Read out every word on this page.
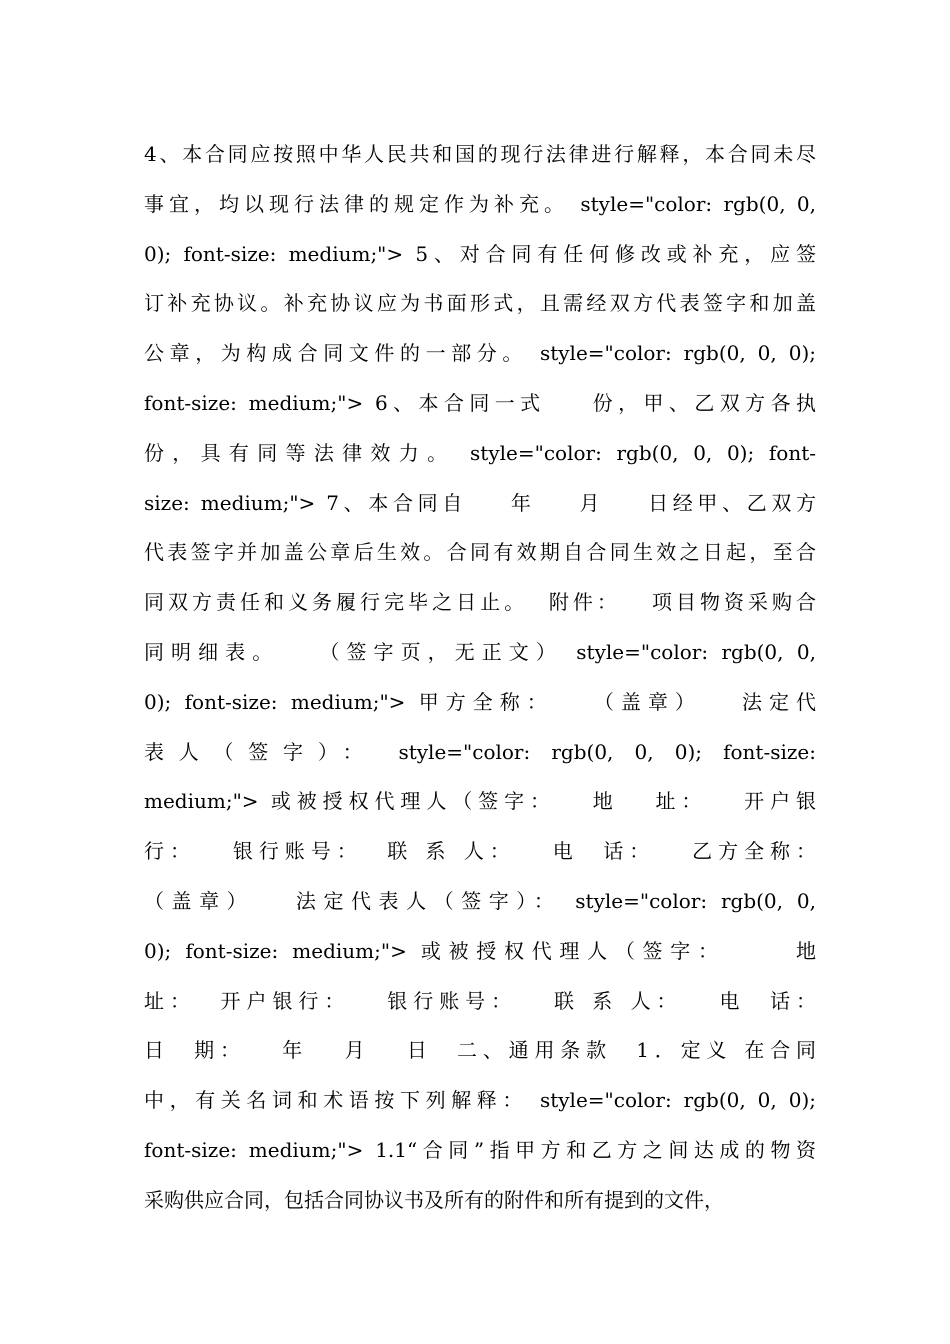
4、本合同应按照中华人民共和国的现行法律进行解释，本合同未尽
事宜，均以现行法律的规定作为补充。 style="color: rgb(0, 0,
0); font-size: medium;"> 5、对合同有任何修改或补充，应签
订补充协议。补充协议应为书面形式，且需经双方代表签字和加盖
公章，为构成合同文件的一部分。 style="color: rgb(0, 0, 0);
font-size: medium;"> 6、本合同一式    份，甲、乙双方各执
份，具有同等法律效力。 style="color: rgb(0, 0, 0); font-
size: medium;"> 7、本合同自    年    月    日经甲、乙双方
代表签字并加盖公章后生效。合同有效期自合同生效之日起，至合
同双方责任和义务履行完毕之日止。  附件：   项目物资采购合
同明细表。   （签字页，无正文） style="color: rgb(0, 0,
0); font-size: medium;"> 甲方全称：   （盖章）   法定代
表人（签字）： style="color: rgb(0, 0, 0); font-size:
medium;"> 或被授权代理人（签字：   地   址：   开户银
行：   银行账号：  联 系 人：   电  话：   乙方全称：
（盖章）   法定代表人（签字）： style="color: rgb(0, 0,
0); font-size: medium;"> 或被授权代理人（签字：     地
址：  开户银行：   银行账号：   联 系 人：   电  话：
日  期：   年   月   日  二、通用条款  1．定义 在合同
中，有关名词和术语按下列解释： style="color: rgb(0, 0, 0);
font-size: medium;"> 1.1“合同”指甲方和乙方之间达成的物资
采购供应合同，包括合同协议书及所有的附件和所有提到的文件，
